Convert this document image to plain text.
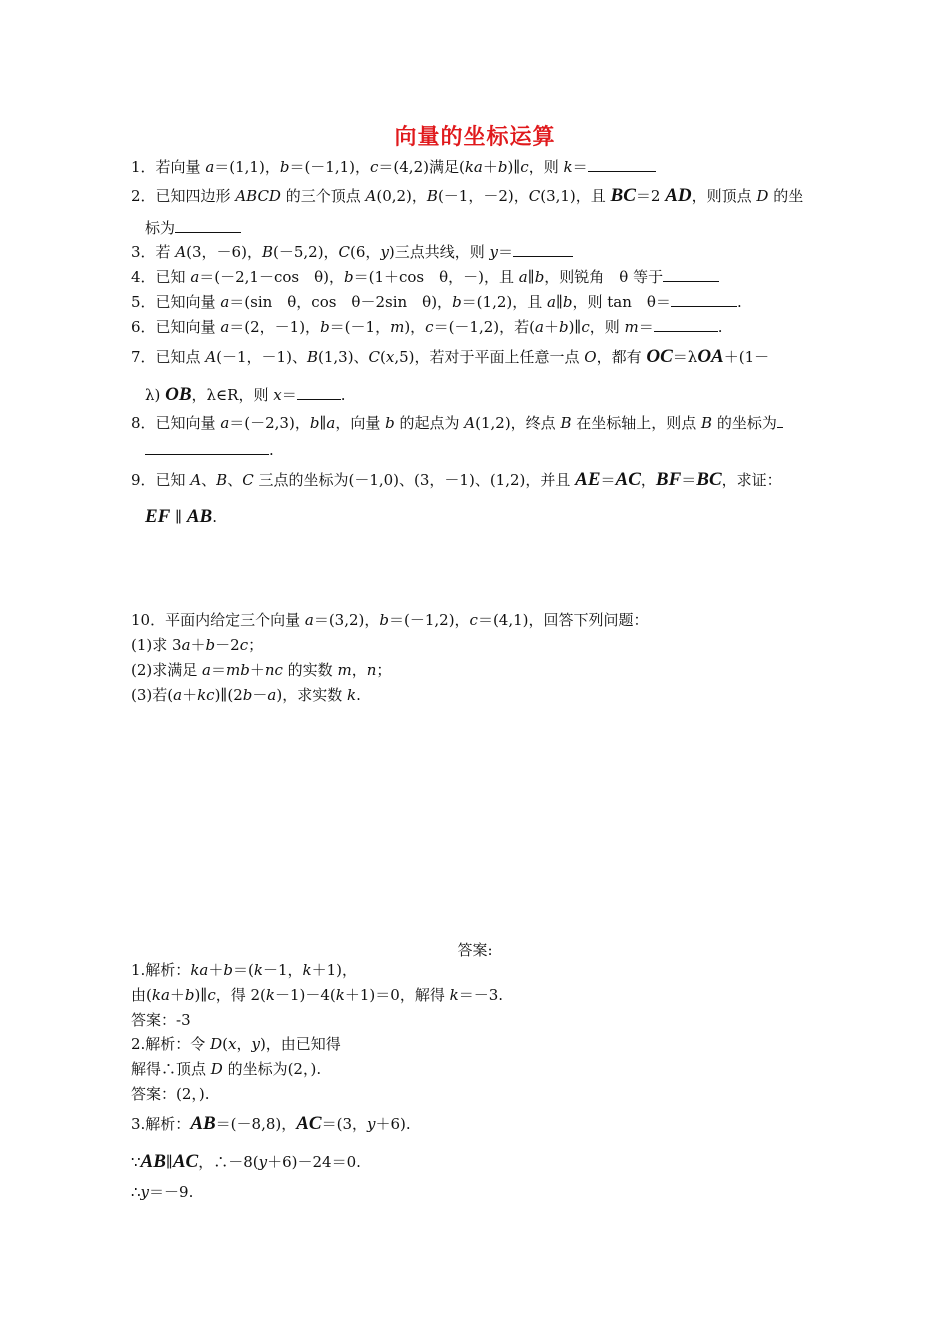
向量的坐标运算
1．若向量 a＝(1,1)，b＝(－1,1)，c＝(4,2)满足(ka＋b)∥c，则 k＝
2．已知四边形 ABCD 的三个顶点 A(0,2)，B(－1，－2)，C(3,1)，且 BC＝2 AD，则顶点 D 的坐
标为
3．若 A(3，－6)，B(－5,2)，C(6，y)三点共线，则 y＝
4．已知 a＝(－2,1－cos　θ)，b＝(1＋cos　θ，－)，且 a∥b，则锐角　θ 等于
5．已知向量 a＝(sin　θ，cos　θ－2sin　θ)，b＝(1,2)，且 a∥b，则 tan　θ＝	.
6．已知向量 a＝(2，－1)，b＝(－1，m)，c＝(－1,2)，若(a＋b)∥c，则 m＝	.
7．已知点 A(－1，－1)、B(1,3)、C(x,5)，若对于平面上任意一点 O，都有 OC＝λOA＋(1－
λ) OB，λ∈R，则 x＝	.
8．已知向量 a＝(－2,3)，b∥a，向量 b 的起点为 A(1,2)，终点 B 在坐标轴上，则点 B 的坐标为
.
9．已知 A、B、C 三点的坐标为(－1,0)、(3，－1)、(1,2)，并且 AE＝AC，BF＝BC，求证：
EF ∥ AB.
10．平面内给定三个向量 a＝(3,2)，b＝(－1,2)，c＝(4,1)，回答下列问题：
(1)求 3a＋b－2c；
(2)求满足 a＝mb＋nc 的实数 m，n；
(3)若(a＋kc)∥(2b－a)，求实数 k.
答案:
1.解析：ka＋b＝(k－1，k＋1)，
由(ka＋b)∥c，得 2(k－1)－4(k＋1)＝0，解得 k＝－3.
答案：-3
2.解析：令 D(x，y)，由已知得
解得∴顶点 D 的坐标为(2，).
答案：(2，).
3.解析：AB＝(－8,8)，AC＝(3，y＋6).
∵AB∥AC，∴－8(y＋6)－24＝0.
∴y＝－9.
